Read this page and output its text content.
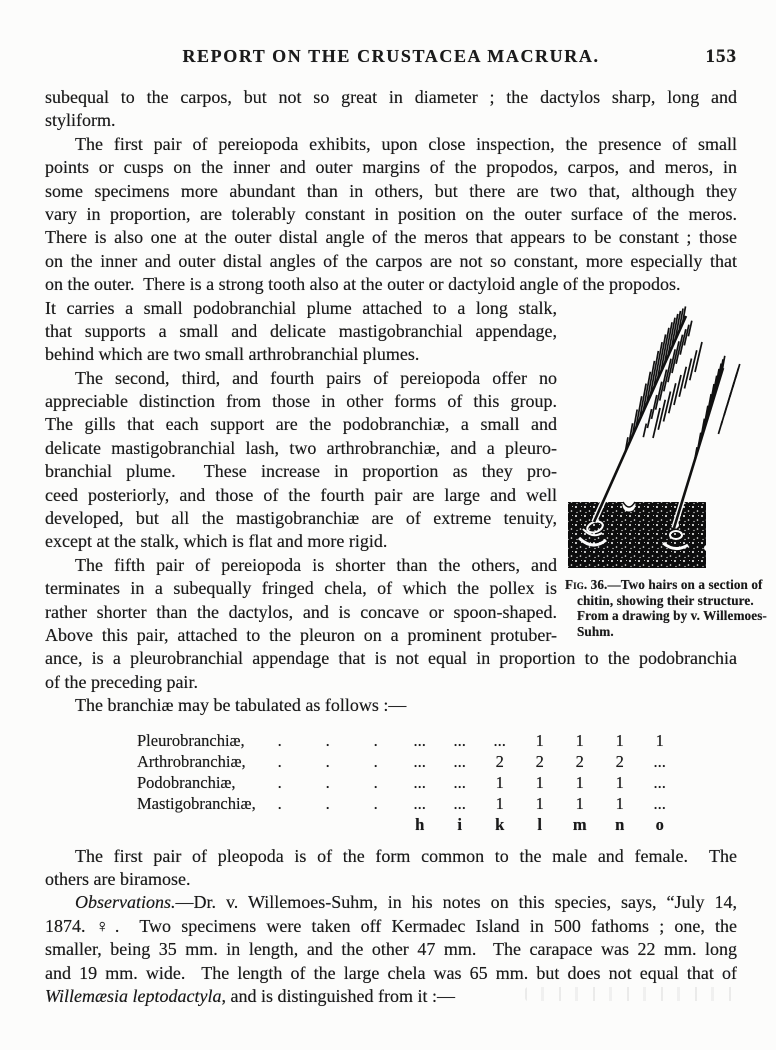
REPORT ON THE CRUSTACEA MACRURA.	153
subequal to the carpos, but not so great in diameter ; the dactylos sharp, long and
styliform.
The first pair of pereiopoda exhibits, upon close inspection, the presence of small
points or cusps on the inner and outer margins of the propodos, carpos, and meros, in
some specimens more abundant than in others, but there are two that, although they
vary in proportion, are tolerably constant in position on the outer surface of the meros.
There is also one at the outer distal angle of the meros that appears to be constant ; those
on the inner and outer distal angles of the carpos are not so constant, more especially that
on the outer.  There is a strong tooth also at the outer or dactyloid angle of the propodos.
It carries a small podobranchial plume attached to a long stalk,
that supports a small and delicate mastigobranchial appendage,
behind which are two small arthrobranchial plumes.
The second, third, and fourth pairs of pereiopoda offer no
appreciable distinction from those in other forms of this group.
The gills that each support are the podobranchiæ, a small and
delicate mastigobranchial lash, two arthrobranchiæ, and a pleuro-
branchial plume.  These increase in proportion as they pro-
ceed posteriorly, and those of the fourth pair are large and well
developed, but all the mastigobranchiæ are of extreme tenuity,
except at the stalk, which is flat and more rigid.
The fifth pair of pereiopoda is shorter than the others, and
terminates in a subequally fringed chela, of which the pollex is
rather shorter than the dactylos, and is concave or spoon-shaped.
Above this pair, attached to the pleuron on a prominent protuber-
ance, is a pleurobranchial appendage that is not equal in proportion to the podobranchia
of the preceding pair.
The branchiæ may be tabulated as follows :—
Pleurobranchiæ,	.	.	.	...	...	...	1	1	1	1
Arthrobranchiæ,	.	.	.	...	...	2	2	2	2	...
Podobranchiæ,	.	.	.	...	...	1	1	1	1	...
Mastigobranchiæ,	.	.	.	...	...	1	1	1	1	...
				h	i	k	l	m	n	o
The first pair of pleopoda is of the form common to the male and female.  The
others are biramose.
Observations.—Dr. v. Willemoes-Suhm, in his notes on this species, says, “July 14,
1874. ♀.  Two specimens were taken off Kermadec Island in 500 fathoms ; one, the
smaller, being 35 mm. in length, and the other 47 mm.  The carapace was 22 mm. long
and 19 mm. wide.  The length of the large chela was 65 mm. but does not equal that of
Willemæsia leptodactyla, and is distinguished from it :—
Fig. 36.—Two hairs on a section of chitin, showing their structure. From a drawing by v. Willemoes-Suhm.
